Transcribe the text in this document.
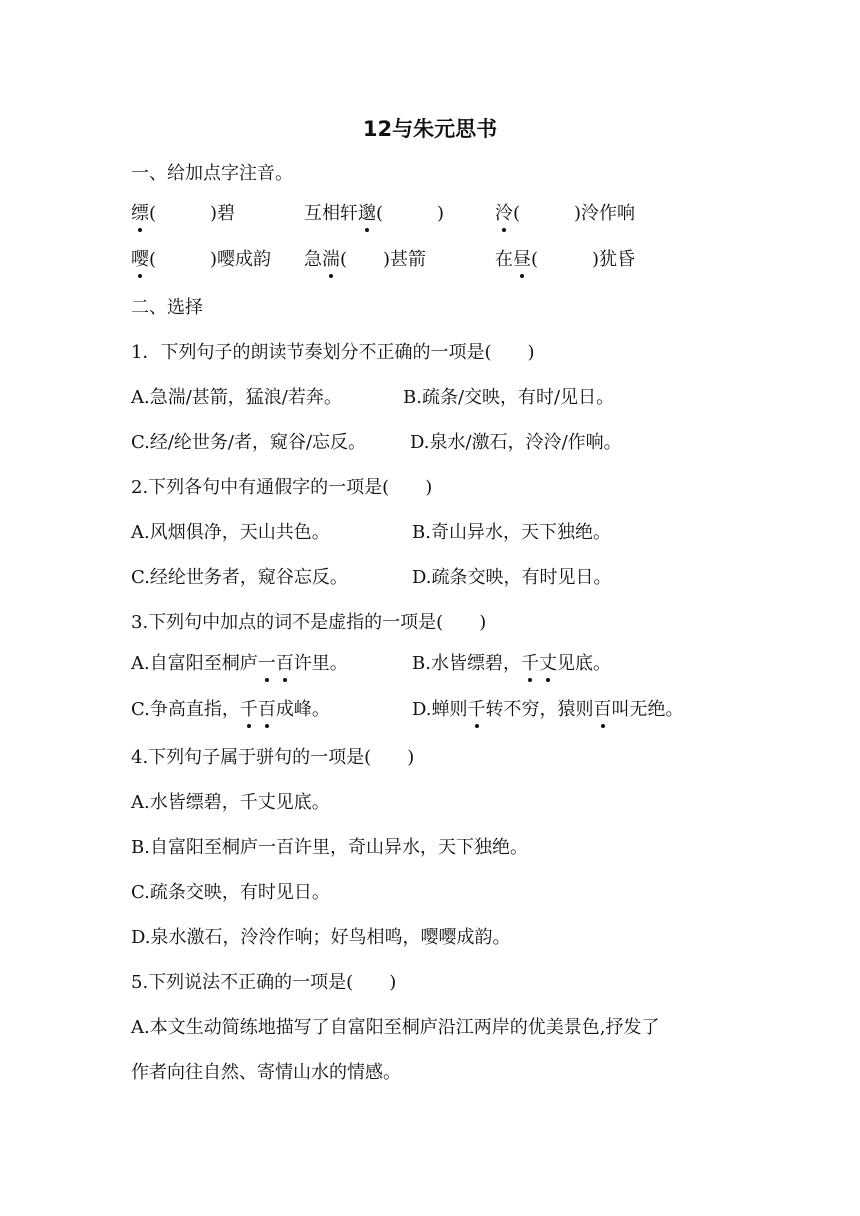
12与朱元思书
一、给加点字注音。
缥(　　　)碧	互相轩邈(　　　)	泠(　　　)泠作响
嘤(　　　)嘤成韵 急湍(　　)甚箭	在昼(　　　)犹昏
二、选择
1．下列句子的朗读节奏划分不正确的一项是(　　)
A.急湍/甚箭，猛浪/若奔。	B.疏条/交映，有时/见日。
C.经/纶世务/者，窥谷/忘反。 D.泉水/激石，泠泠/作响。
2.下列各句中有通假字的一项是(　　)
A.风烟俱净，天山共色。	B.奇山异水，天下独绝。
C.经纶世务者，窥谷忘反。	D.疏条交映，有时见日。
3.下列句中加点的词不是虚指的一项是(　　)
A.自富阳至桐庐一百许里。	B.水皆缥碧，千丈见底。
C.争高直指，千百成峰。	D.蝉则千转不穷，猿则百叫无绝。
4.下列句子属于骈句的一项是(　　)
A.水皆缥碧，千丈见底。
B.自富阳至桐庐一百许里，奇山异水，天下独绝。
C.疏条交映，有时见日。
D.泉水激石，泠泠作响；好鸟相鸣，嘤嘤成韵。
5.下列说法不正确的一项是(　　)
A.本文生动简练地描写了自富阳至桐庐沿江两岸的优美景色,抒发了
作者向往自然、寄情山水的情感。
